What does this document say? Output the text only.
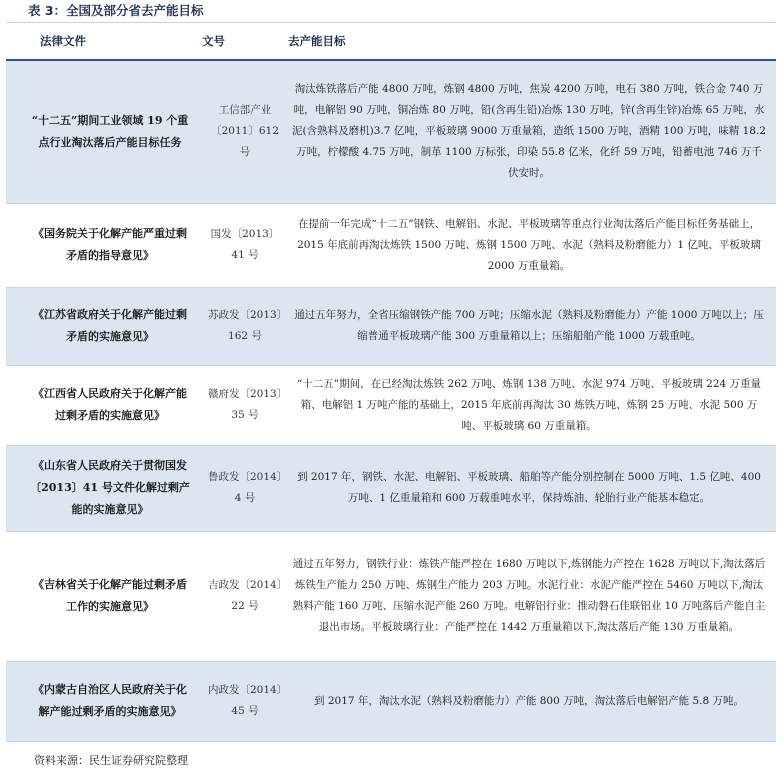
表 3：全国及部分省去产能目标
法律文件	文号	去产能目标
“十二五”期间工业领域 19 个重点行业淘汰落后产能目标任务	工信部产业〔2011〕612 号	淘汰炼铁落后产能 4800 万吨，炼钢 4800 万吨，焦炭 4200 万吨，电石 380 万吨，铁合金 740 万吨，电解铝 90 万吨，铜冶炼 80 万吨，铅(含再生铅)冶炼 130 万吨，锌(含再生锌)冶炼 65 万吨，水泥(含熟料及磨机)3.7 亿吨，平板玻璃 9000 万重量箱，造纸 1500 万吨，酒精 100 万吨，味精 18.2 万吨，柠檬酸 4.75 万吨，制革 1100 万标张，印染 55.8 亿米，化纤 59 万吨，铅蓄电池 746 万千伏安时。
《国务院关于化解产能严重过剩矛盾的指导意见》	国发〔2013〕41 号	在提前一年完成“十二五”钢铁、电解铝、水泥、平板玻璃等重点行业淘汰落后产能目标任务基础上，2015 年底前再淘汰炼铁 1500 万吨、炼钢 1500 万吨、水泥（熟料及粉磨能力）1 亿吨、平板玻璃 2000 万重量箱。
《江苏省政府关于化解产能过剩矛盾的实施意见》	苏政发〔2013〕162 号	通过五年努力，全省压缩钢铁产能 700 万吨；压缩水泥（熟料及粉磨能力）产能 1000 万吨以上；压缩普通平板玻璃产能 300 万重量箱以上；压缩船舶产能 1000 万载重吨。
《江西省人民政府关于化解产能过剩矛盾的实施意见》	赣府发〔2013〕35 号	“十二五”期间，在已经淘汰炼铁 262 万吨、炼钢 138 万吨、水泥 974 万吨、平板玻璃 224 万重量箱、电解铝 1 万吨产能的基础上，2015 年底前再淘汰 30 炼铁万吨、炼钢 25 万吨、水泥 500 万吨、平板玻璃 60 万重量箱。
《山东省人民政府关于贯彻国发〔2013〕41 号文件化解过剩产能的实施意见》	鲁政发〔2014〕4 号	到 2017 年，钢铁、水泥、电解铝、平板玻璃、船舶等产能分别控制在 5000 万吨、1.5 亿吨、400 万吨、1 亿重量箱和 600 万载重吨水平，保持炼油、轮胎行业产能基本稳定。
《吉林省关于化解产能过剩矛盾工作的实施意见》	吉政发〔2014〕22 号	通过五年努力，钢铁行业：炼铁产能严控在 1680 万吨以下,炼钢能力产控在 1628 万吨以下,淘汰落后炼铁生产能力 250 万吨、炼钢生产能力 203 万吨。水泥行业：水泥产能严控在 5460 万吨以下,淘汰熟料产能 160 万吨、压缩水泥产能 260 万吨。电解铝行业：推动磐石佳联铝业 10 万吨落后产能自主退出市场。平板玻璃行业：产能严控在 1442 万重量箱以下,淘汰落后产能 130 万重量箱。
《内蒙古自治区人民政府关于化解产能过剩矛盾的实施意见》	内政发〔2014〕45 号	到 2017 年，淘汰水泥（熟料及粉磨能力）产能 800 万吨，淘汰落后电解铝产能 5.8 万吨。
资料来源：民生证券研究院整理
